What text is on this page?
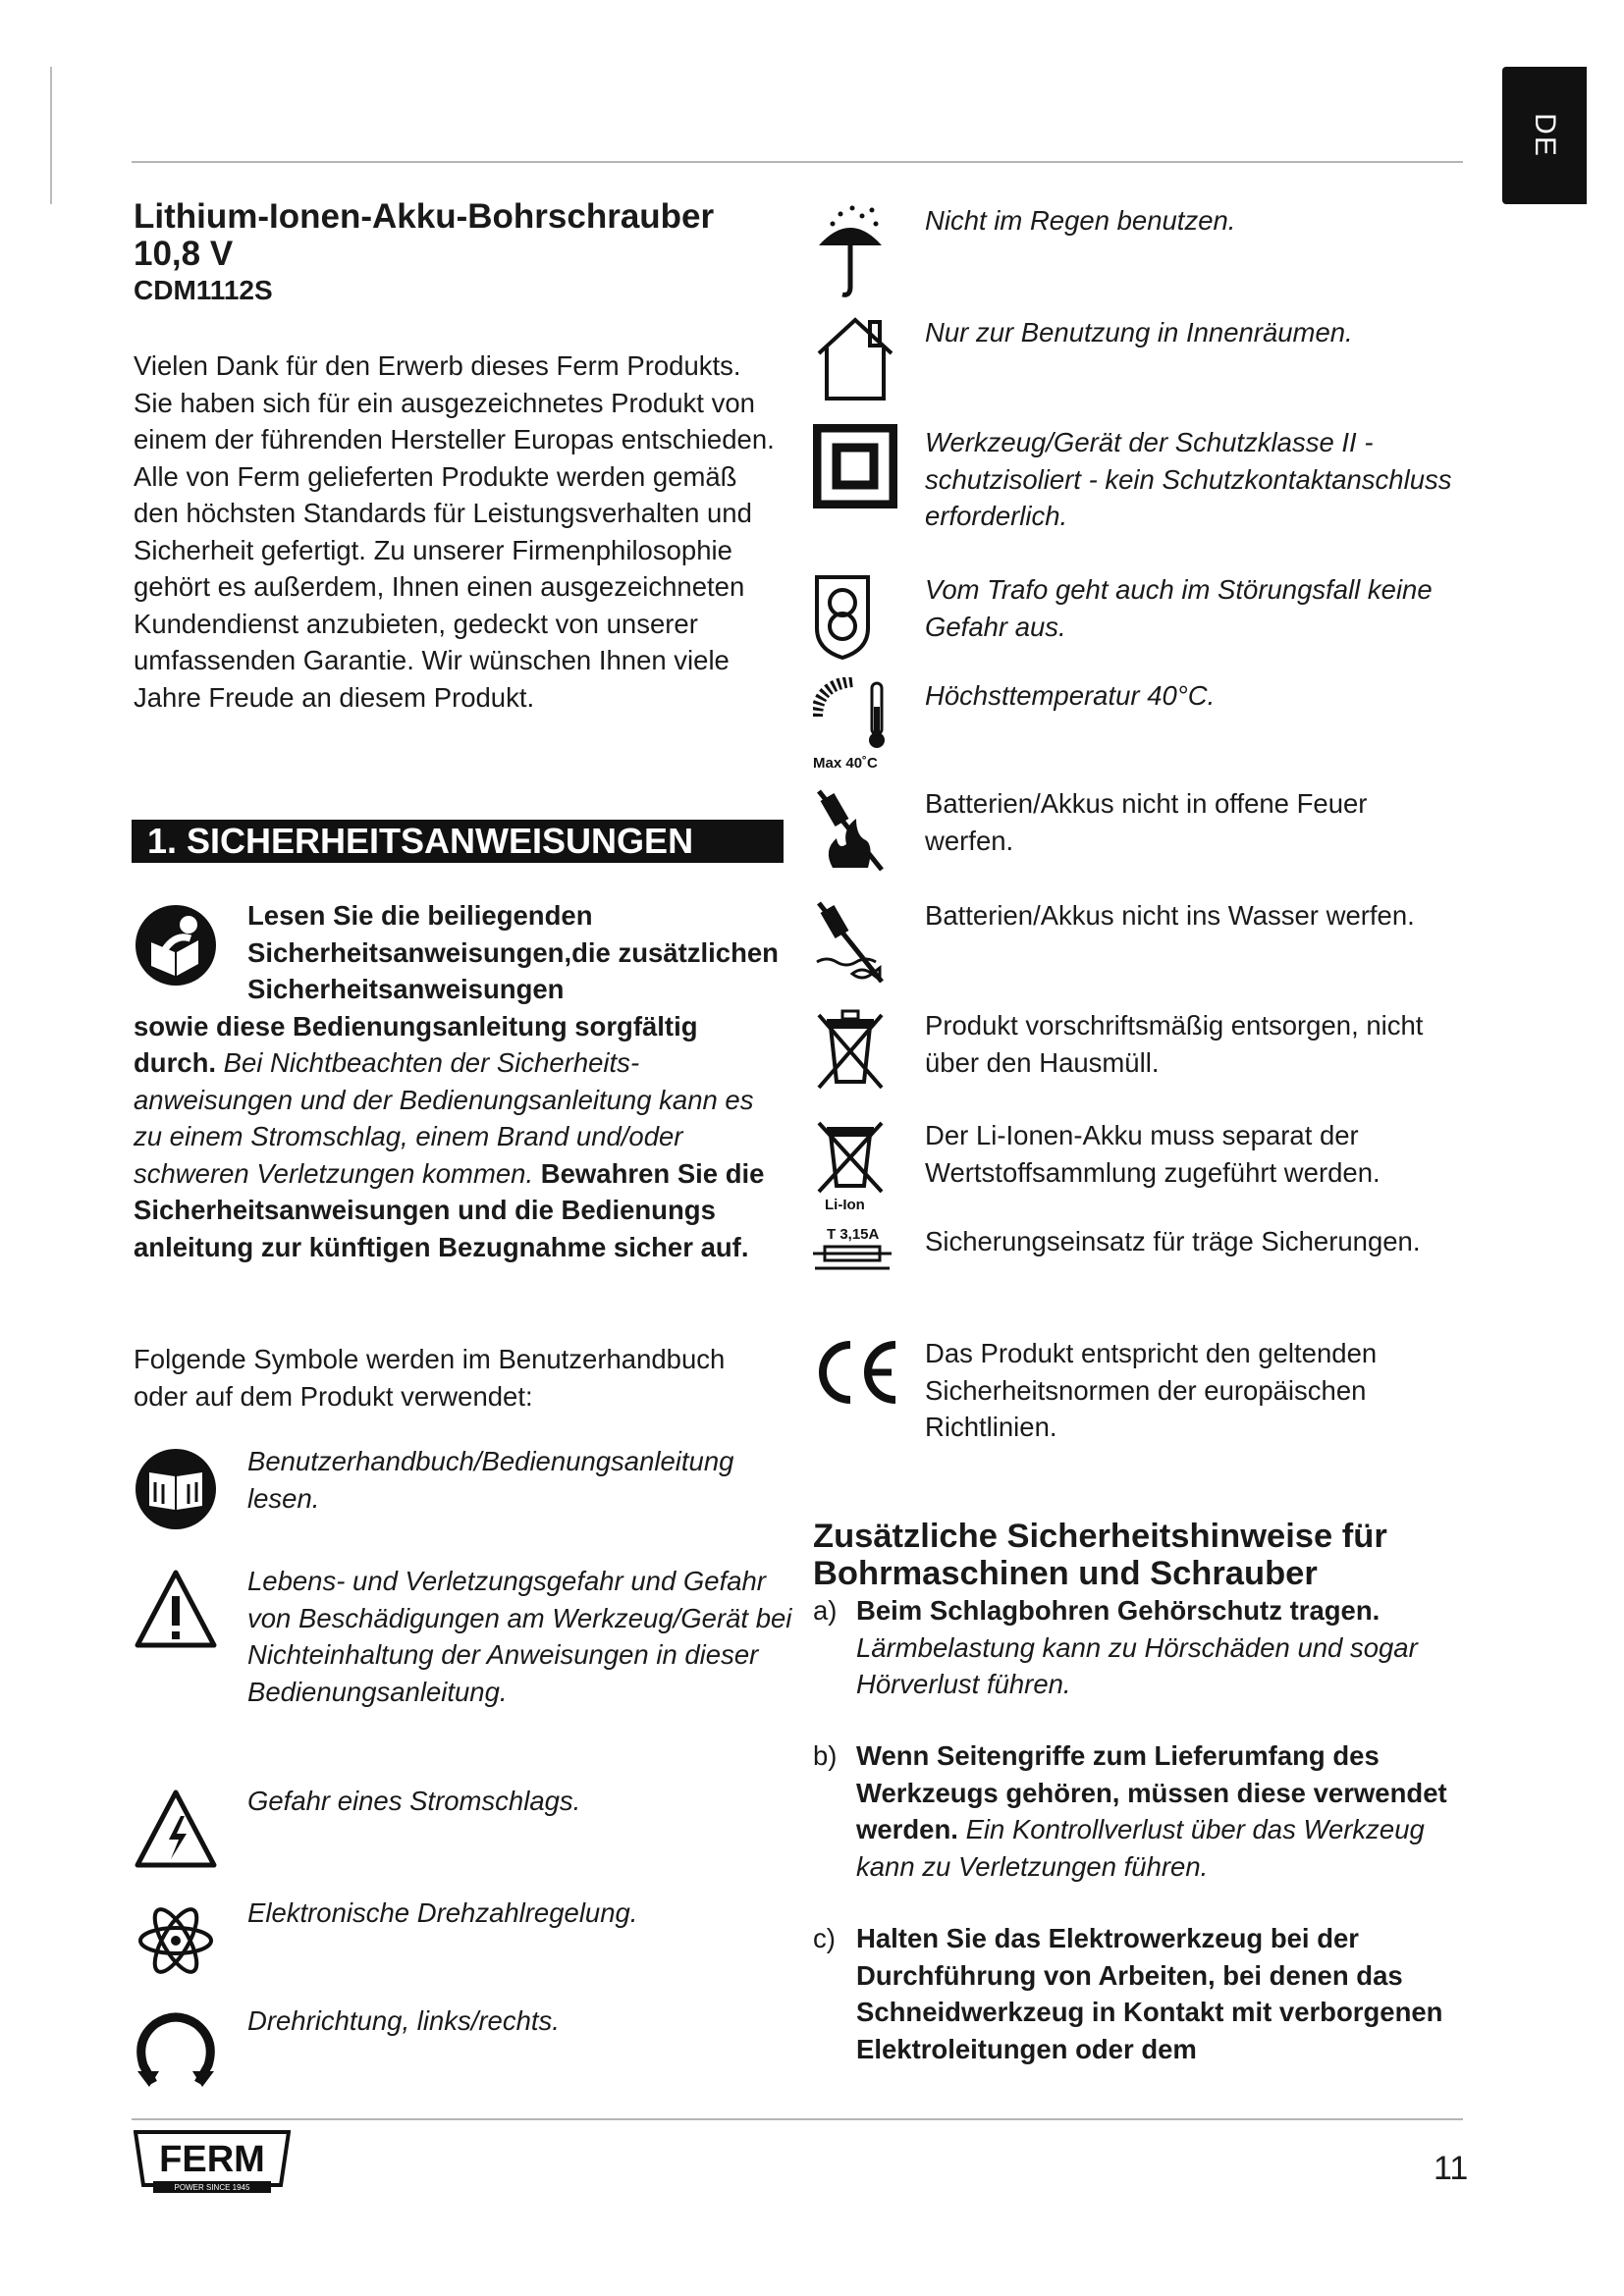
DE
Lithium-Ionen-Akku-Bohrschrauber 10,8 V
CDM1112S
Vielen Dank für den Erwerb dieses Ferm Produkts. Sie haben sich für ein ausgezeichnetes Produkt von einem der führenden Hersteller Europas entschieden. Alle von Ferm gelieferten Produkte werden gemäß den höchsten Standards für Leistungsverhalten und Sicherheit gefertigt. Zu unserer Firmenphilosophie gehört es außerdem, Ihnen einen ausgezeichneten Kundendienst anzubieten, gedeckt von unserer umfassenden Garantie. Wir wünschen Ihnen viele Jahre Freude an diesem Produkt.
1. SICHERHEITSANWEISUNGEN
Lesen Sie die beiliegenden Sicherheitsanweisungen,die zusätzlichen Sicherheitsanweisungen
sowie diese Bedienungsanleitung sorgfältig durch. Bei Nichtbeachten der Sicherheitsanweisungen und der Bedienungsanleitung kann es zu einem Stromschlag, einem Brand und/oder schweren Verletzungen kommen. Bewahren Sie die Sicherheitsanweisungen und die Bedienungs anleitung zur künftigen Bezugnahme sicher auf.
Folgende Symbole werden im Benutzerhandbuch oder auf dem Produkt verwendet:
Benutzerhandbuch/Bedienungsanleitung lesen.
Lebens- und Verletzungsgefahr und Gefahr von Beschädigungen am Werkzeug/Gerät bei Nichteinhaltung der Anweisungen in dieser Bedienungsanleitung.
Gefahr eines Stromschlags.
Elektronische Drehzahlregelung.
Drehrichtung, links/rechts.
Nicht im Regen benutzen.
Nur zur Benutzung in Innenräumen.
Werkzeug/Gerät der Schutzklasse II - schutzisoliert - kein Schutzkontaktanschluss erforderlich.
Vom Trafo geht auch im Störungsfall keine Gefahr aus.
Max 40˚C
Höchsttemperatur 40°C.
Batterien/Akkus nicht in offene Feuer werfen.
Batterien/Akkus nicht ins Wasser werfen.
Produkt vorschriftsmäßig entsorgen, nicht über den Hausmüll.
Li-Ion
Der Li-Ionen-Akku muss separat der Wertstoffsammlung zugeführt werden.
T 3,15A Sicherungseinsatz für träge Sicherungen.
Das Produkt entspricht den geltenden Sicherheitsnormen der europäischen Richtlinien.
Zusätzliche Sicherheitshinweise für Bohrmaschinen und Schrauber
a) Beim Schlagbohren Gehörschutz tragen.
Lärmbelastung kann zu Hörschäden und sogar Hörverlust führen.
b) Wenn Seitengriffe zum Lieferumfang des Werkzeugs gehören, müssen diese verwendet werden. Ein Kontrollverlust über das Werkzeug kann zu Verletzungen führen.
c) Halten Sie das Elektrowerkzeug bei der Durchführung von Arbeiten, bei denen das Schneidwerkzeug in Kontakt mit verborgenen Elektroleitungen oder dem
FERM
POWER SINCE 1945
11
